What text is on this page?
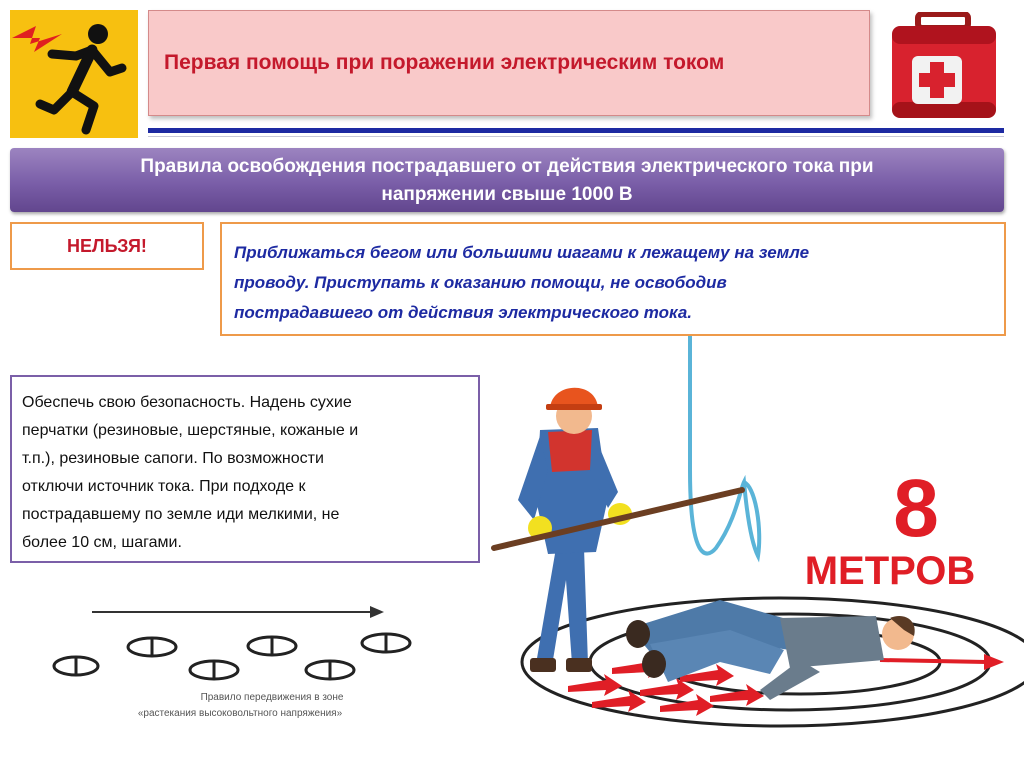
Первая помощь при поражении электрическим током
Правила освобождения пострадавшего от действия электрического тока при
напряжении свыше 1000 В
НЕЛЬЗЯ!	Приближаться бегом или большими шагами к лежащему на земле
проводу. Приступать к оказанию помощи, не освободив
пострадавшего от действия электрического тока.
Правило передвижения в зоне
«растекания высоковольтного напряжения»
8
МЕТРОВ
Обеспечь свою безопасность. Надень сухие
перчатки (резиновые, шерстяные, кожаные и
т.п.), резиновые сапоги. По возможности
отключи источник тока. При подходе к
пострадавшему по земле иди мелкими, не
более 10 см, шагами.
